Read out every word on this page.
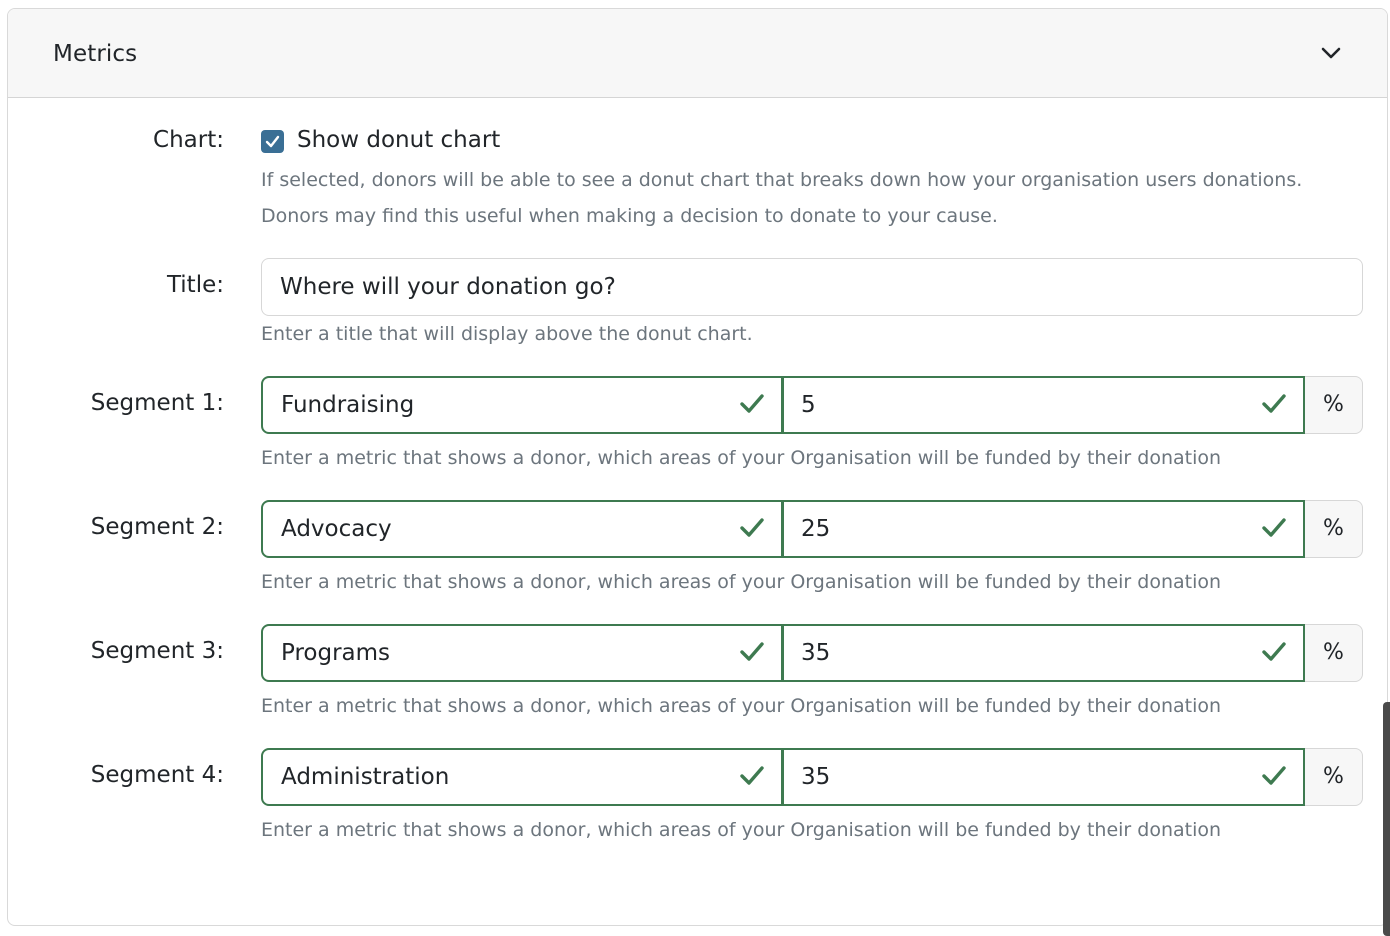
Metrics
Chart:	Show donut chart
If selected, donors will be able to see a donut chart that breaks down how your organisation users donations.
Donors may find this useful when making a decision to donate to your cause.
Title:
Where will your donation go?
Enter a title that will display above the donut chart.
Segment 1:
Fundraising
5	%
Enter a metric that shows a donor, which areas of your Organisation will be funded by their donation
Segment 2:
Advocacy
25	%
Enter a metric that shows a donor, which areas of your Organisation will be funded by their donation
Segment 3:
Programs
35	%
Enter a metric that shows a donor, which areas of your Organisation will be funded by their donation
Segment 4:
Administration
35	%
Enter a metric that shows a donor, which areas of your Organisation will be funded by their donation
